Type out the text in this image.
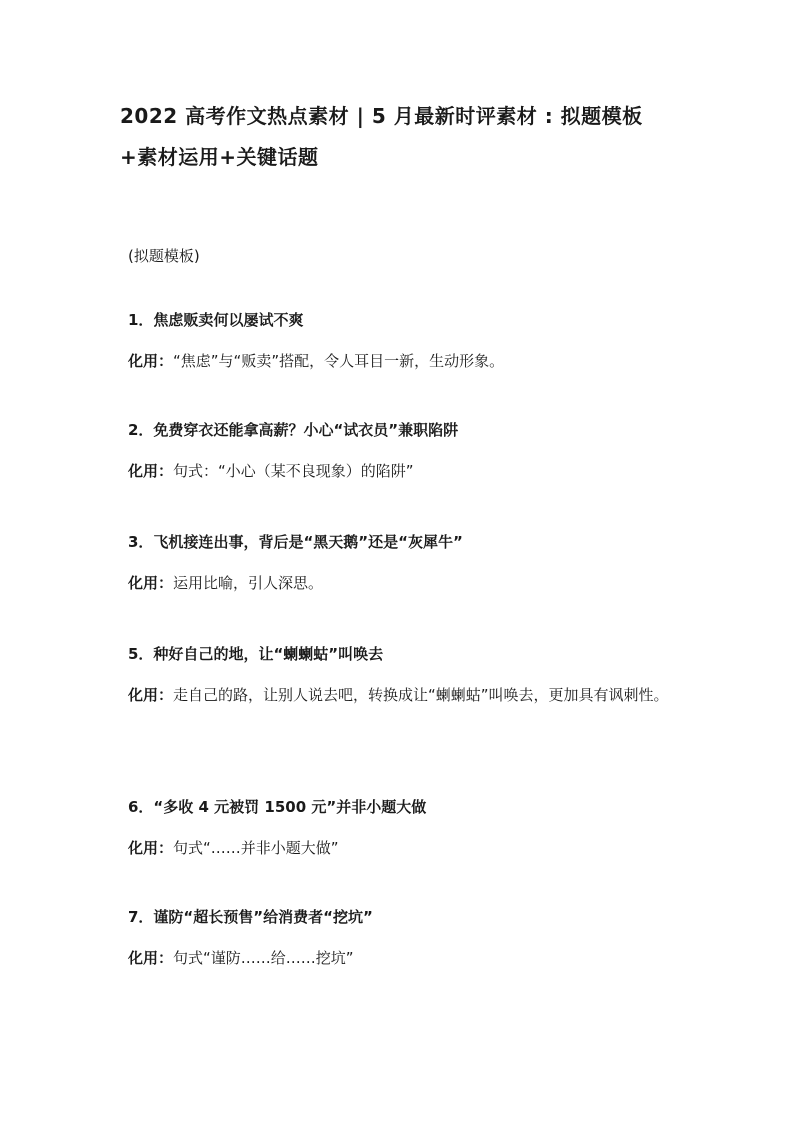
2022 高考作文热点素材 | 5 月最新时评素材 : 拟题模板
+素材运用+关键话题
(拟题模板)
1．焦虑贩卖何以屡试不爽
化用：“焦虑”与“贩卖”搭配，令人耳目一新，生动形象。
2．免费穿衣还能拿高薪？小心“试衣员”兼职陷阱
化用：句式：“小心（某不良现象）的陷阱”
3．飞机接连出事，背后是“黑天鹅”还是“灰犀牛”
化用：运用比喻，引人深思。
5．种好自己的地，让“蝲蝲蛄”叫唤去
化用：走自己的路，让别人说去吧，转换成让“蝲蝲蛄”叫唤去，更加具有讽刺性。
6．“多收 4 元被罚 1500 元”并非小题大做
化用：句式“……并非小题大做”
7．谨防“超长预售”给消费者“挖坑”
化用：句式“谨防……给……挖坑”
